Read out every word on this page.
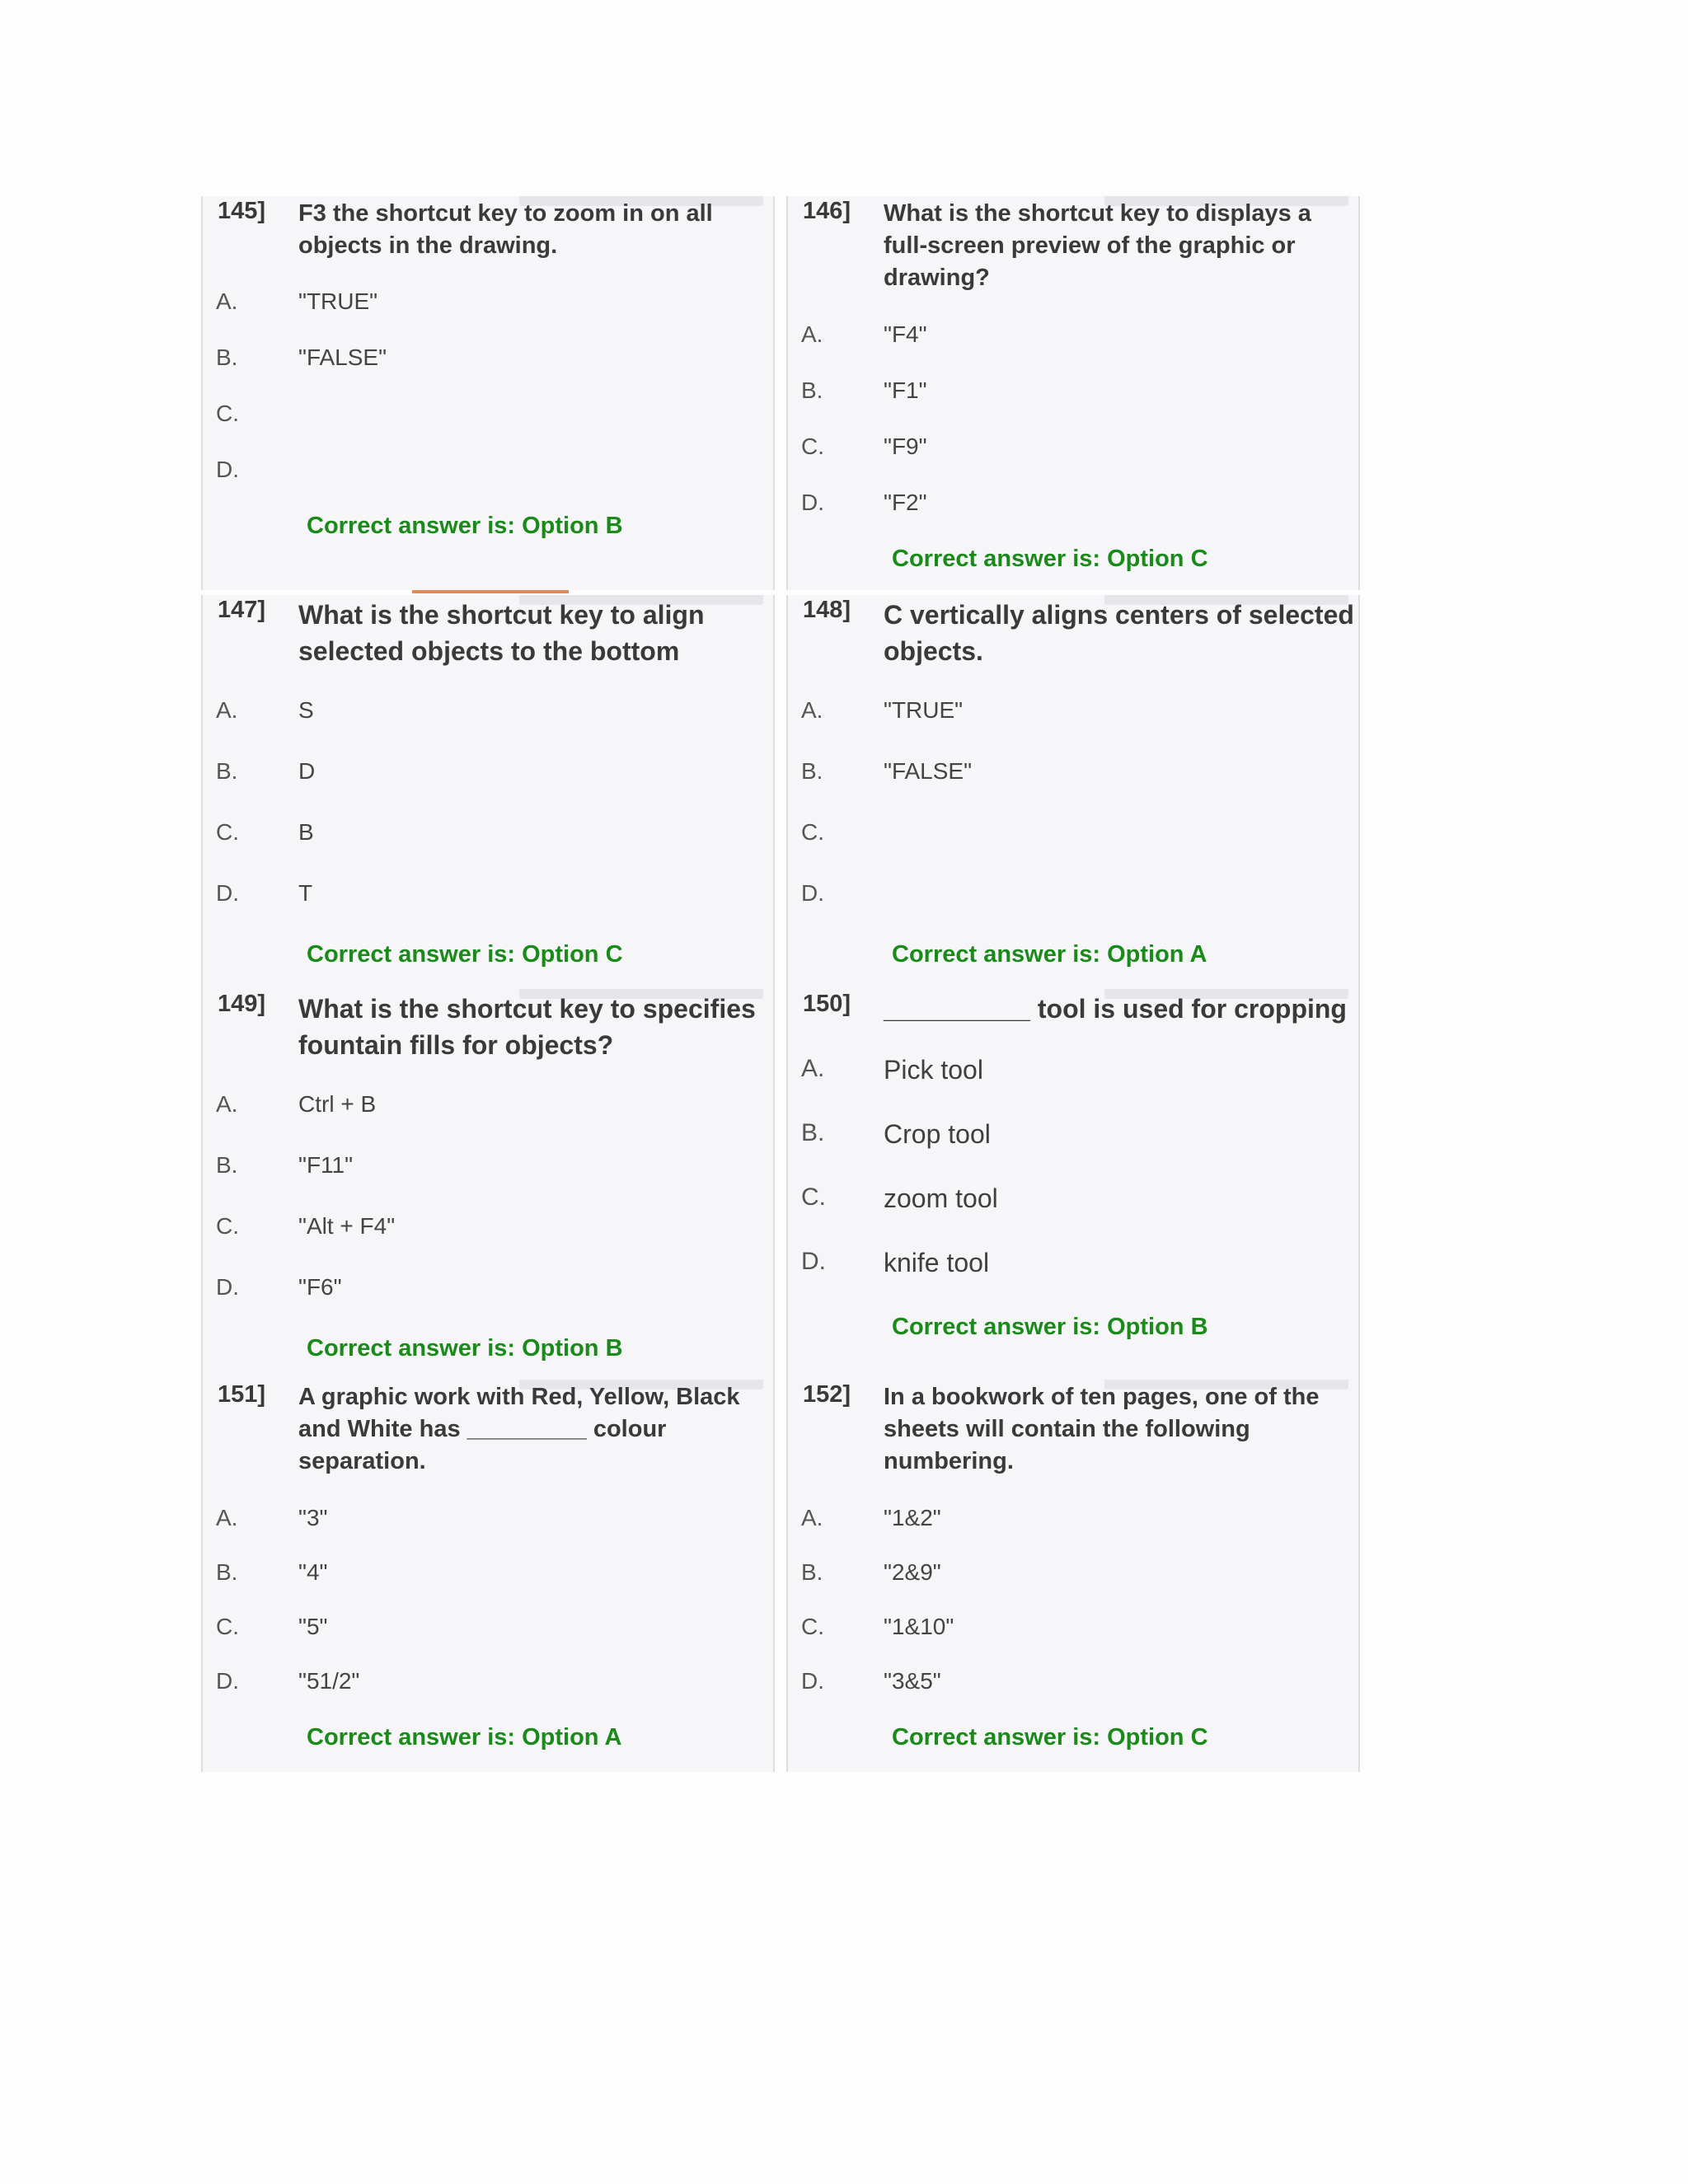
145] F3 the shortcut key to zoom in on all
objects in the drawing.

A.	"TRUE"
B.	"FALSE"
C.
D.
Correct answer is: Option B
146] What is the shortcut key to displays a
full-screen preview of the graphic or
drawing?

A.	"F4"
B.	"F1"
C.	"F9"
D.	"F2"
Correct answer is: Option C
147] What is the shortcut key to align
selected objects to the bottom

A.	S
B.	D
C.	B
D.	T
Correct answer is: Option C
148] C vertically aligns centers of selected
objects.

A.	"TRUE"
B.	"FALSE"
C.
D.
Correct answer is: Option A
149] What is the shortcut key to specifies
fountain fills for objects?

A.	Ctrl + B
B.	"F11"
C.	"Alt + F4"
D.	"F6"
Correct answer is: Option B
150] __________ tool is used for cropping

A. Pick tool
B. Crop tool
C. zoom tool
D. knife tool
Correct answer is: Option B
151] A graphic work with Red, Yellow, Black
and White has _________ colour
separation.

A.	"3"
B.	"4"
C.	"5"
D.	"51/2"
Correct answer is: Option A
152] In a bookwork of ten pages, one of the
sheets will contain the following
numbering.

A.	"1&2"
B.	"2&9"
C.	"1&10"
D.	"3&5"
Correct answer is: Option C
